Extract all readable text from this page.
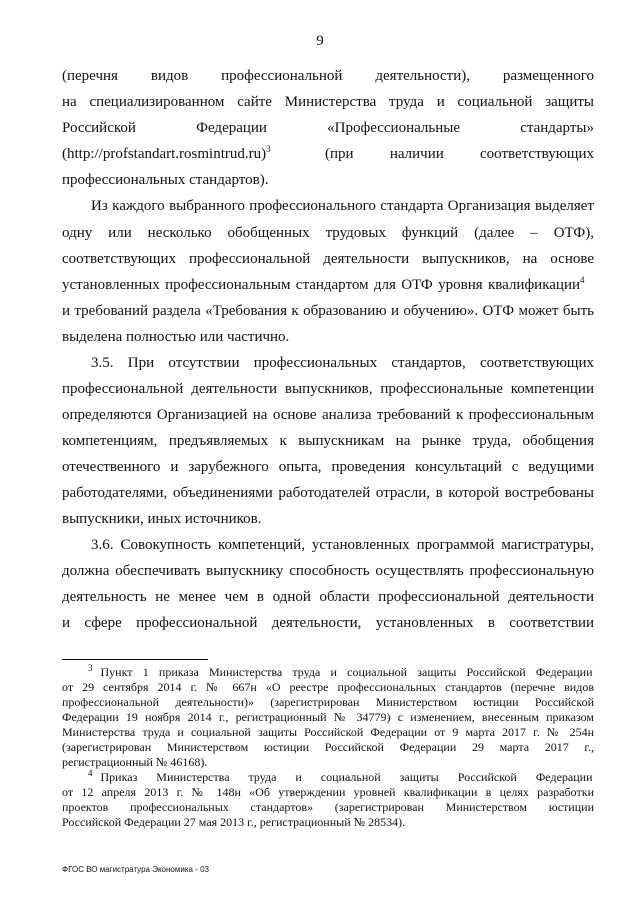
9
(перечня видов профессиональной деятельности), размещенного
на специализированном сайте Министерства труда и социальной защиты
Российской Федерации «Профессиональные стандарты»
(http://profstandart.rosmintrud.ru)$^3$	(при наличии соответствующих
профессиональных стандартов).
Из каждого выбранного профессионального стандарта Организация выделяет
одну или несколько обобщенных трудовых функций (далее – ОТФ),
соответствующих профессиональной деятельности выпускников, на основе
установленных профессиональным стандартом для ОТФ уровня квалификации$^4$
и требований раздела «Требования к образованию и обучению». ОТФ может быть
выделена полностью или частично.
3.5. При отсутствии профессиональных стандартов, соответствующих
профессиональной деятельности выпускников, профессиональные компетенции
определяются Организацией на основе анализа требований к профессиональным
компетенциям, предъявляемых к выпускникам на рынке труда, обобщения
отечественного и зарубежного опыта, проведения консультаций с ведущими
работодателями, объединениями работодателей отрасли, в которой востребованы
выпускники, иных источников.
3.6. Совокупность компетенций, установленных программой магистратуры,
должна обеспечивать выпускнику способность осуществлять профессиональную
деятельность не менее чем в одной области профессиональной деятельности
и сфере профессиональной деятельности, установленных в соответствии
$^3$ Пункт 1 приказа Министерства труда и социальной защиты Российской Федерации
от 29 сентября 2014 г. № 667н «О реестре профессиональных стандартов (перечне видов
профессиональной деятельности)» (зарегистрирован Министерством юстиции Российской
Федерации 19 ноября 2014 г., регистрационный № 34779) с изменением, внесенным приказом
Министерства труда и социальной защиты Российской Федерации от 9 марта 2017 г. № 254н
(зарегистрирован Министерством юстиции Российской Федерации 29 марта 2017 г.,
регистрационный № 46168).
$^4$ Приказ Министерства труда и социальной защиты Российской Федерации
от 12 апреля 2013 г. № 148н «Об утверждении уровней квалификации в целях разработки
проектов профессиональных стандартов» (зарегистрирован Министерством юстиции
Российской Федерации 27 мая 2013 г., регистрационный № 28534).
ФГОС ВО магистратура Экономика - 03
